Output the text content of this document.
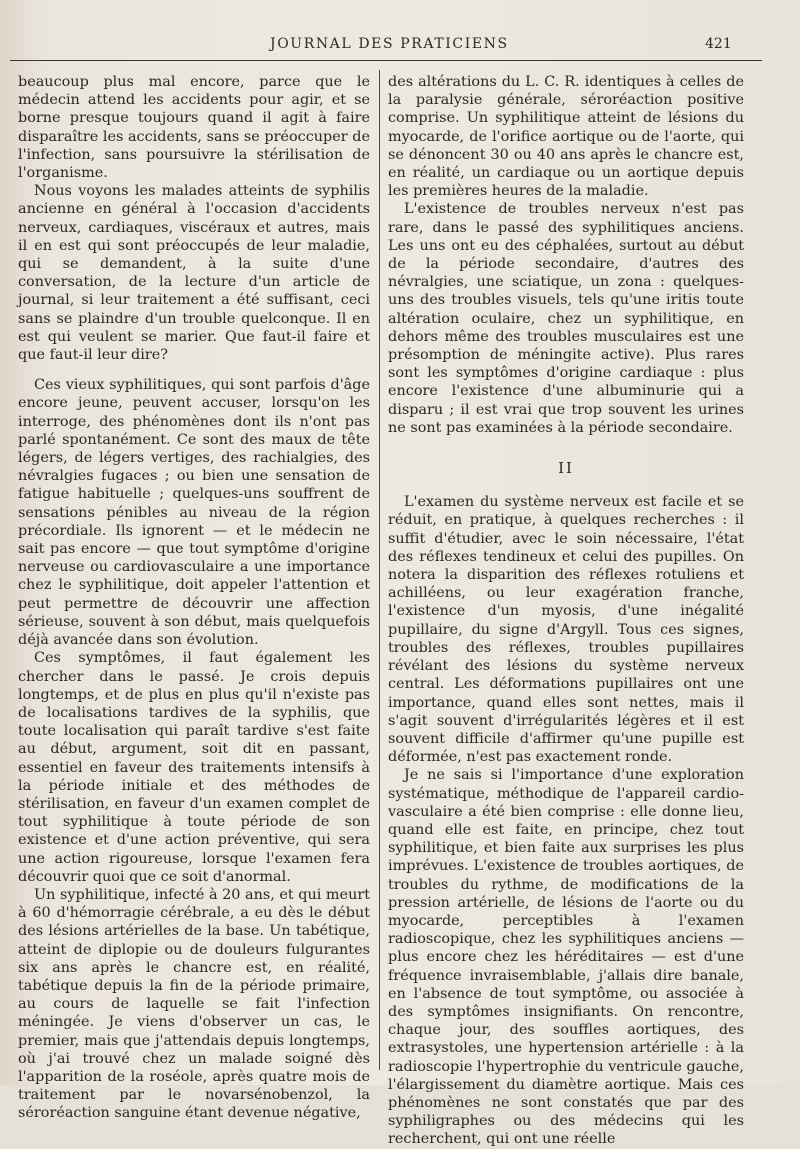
JOURNAL DES PRATICIENS	421

beaucoup plus mal encore, parce que le médecin attend les accidents pour agir, et se borne presque toujours quand il agit à faire disparaître les accidents, sans se préoccuper de l'infection, sans poursuivre la stérilisation de l'organisme.

Nous voyons les malades atteints de syphilis ancienne en général à l'occasion d'accidents nerveux, cardiaques, viscéraux et autres, mais il en est qui sont préoccupés de leur maladie, qui se demandent, à la suite d'une conversation, de la lecture d'un article de journal, si leur traitement a été suffisant, ceci sans se plaindre d'un trouble quelconque. Il en est qui veulent se marier. Que faut-il faire et que faut-il leur dire?

Ces vieux syphilitiques, qui sont parfois d'âge encore jeune, peuvent accuser, lorsqu'on les interroge, des phénomènes dont ils n'ont pas parlé spontanément. Ce sont des maux de tête légers, de légers vertiges, des rachialgies, des névralgies fugaces ; ou bien une sensation de fatigue habituelle ; quelques-uns souffrent de sensations pénibles au niveau de la région précordiale. Ils ignorent — et le médecin ne sait pas encore — que tout symptôme d'origine nerveuse ou cardiovasculaire a une importance chez le syphilitique, doit appeler l'attention et peut permettre de découvrir une affection sérieuse, souvent à son début, mais quelquefois déjà avancée dans son évolution.

Ces symptômes, il faut également les chercher dans le passé. Je crois depuis longtemps, et de plus en plus qu'il n'existe pas de localisations tardives de la syphilis, que toute localisation qui paraît tardive s'est faite au début, argument, soit dit en passant, essentiel en faveur des traitements intensifs à la période initiale et des méthodes de stérilisation, en faveur d'un examen complet de tout syphilitique à toute période de son existence et d'une action préventive, qui sera une action rigoureuse, lorsque l'examen fera découvrir quoi que ce soit d'anormal.

Un syphilitique, infecté à 20 ans, et qui meurt à 60 d'hémorragie cérébrale, a eu dès le début des lésions artérielles de la base. Un tabétique, atteint de diplopie ou de douleurs fulgurantes six ans après le chancre est, en réalité, tabétique depuis la fin de la période primaire, au cours de laquelle se fait l'infection méningée. Je viens d'observer un cas, le premier, mais que j'attendais depuis longtemps, où j'ai trouvé chez un malade soigné dès l'apparition de la roséole, après quatre mois de traitement par le novarsénobenzol, la séroréaction sanguine étant devenue négative,

des altérations du L. C. R. identiques à celles de la paralysie générale, séroréaction positive comprise. Un syphilitique atteint de lésions du myocarde, de l'orifice aortique ou de l'aorte, qui se dénoncent 30 ou 40 ans après le chancre est, en réalité, un cardiaque ou un aortique depuis les premières heures de la maladie.

L'existence de troubles nerveux n'est pas rare, dans le passé des syphilitiques anciens. Les uns ont eu des céphalées, surtout au début de la période secondaire, d'autres des névralgies, une sciatique, un zona : quelques-uns des troubles visuels, tels qu'une iritis toute altération oculaire, chez un syphilitique, en dehors même des troubles musculaires est une présomption de méningite active). Plus rares sont les symptômes d'origine cardiaque : plus encore l'existence d'une albuminurie qui a disparu ; il est vrai que trop souvent les urines ne sont pas examinées à la période secondaire.

II

L'examen du système nerveux est facile et se réduit, en pratique, à quelques recherches : il suffit d'étudier, avec le soin nécessaire, l'état des réflexes tendineux et celui des pupilles. On notera la disparition des réflexes rotuliens et achilléens, ou leur exagération franche, l'existence d'un myosis, d'une inégalité pupillaire, du signe d'Argyll. Tous ces signes, troubles des réflexes, troubles pupillaires révélant des lésions du système nerveux central. Les déformations pupillaires ont une importance, quand elles sont nettes, mais il s'agit souvent d'irrégularités légères et il est souvent difficile d'affirmer qu'une pupille est déformée, n'est pas exactement ronde.

Je ne sais si l'importance d'une exploration systématique, méthodique de l'appareil cardio-vasculaire a été bien comprise : elle donne lieu, quand elle est faite, en principe, chez tout syphilitique, et bien faite aux surprises les plus imprévues. L'existence de troubles aortiques, de troubles du rythme, de modifications de la pression artérielle, de lésions de l'aorte ou du myocarde, perceptibles à l'examen radioscopique, chez les syphilitiques anciens — plus encore chez les héréditaires — est d'une fréquence invraisemblable, j'allais dire banale, en l'absence de tout symptôme, ou associée à des symptômes insignifiants. On rencontre, chaque jour, des souffles aortiques, des extrasystoles, une hypertension artérielle : à la radioscopie l'hypertrophie du ventricule gauche, l'élargissement du diamètre aortique. Mais ces phénomènes ne sont constatés que par des syphiligraphes ou des médecins qui les recherchent, qui ont une réelle
